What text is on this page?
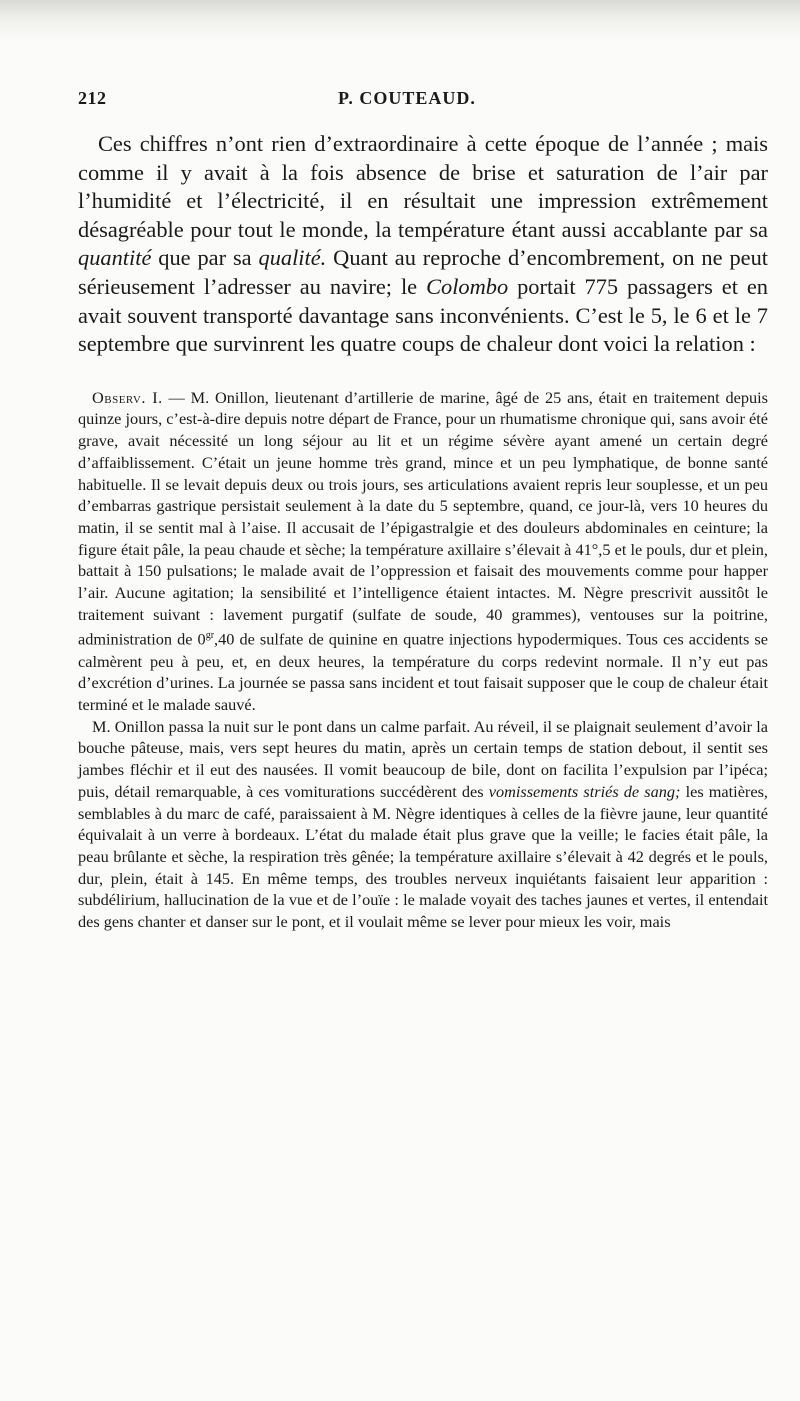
212	P. COUTEAUD.

Ces chiffres n’ont rien d’extraordinaire à cette époque de l’année ; mais comme il y avait à la fois absence de brise et saturation de l’air par l’humidité et l’électricité, il en résultait une impression extrêmement désagréable pour tout le monde, la température étant aussi accablante par sa quantité que par sa qualité. Quant au reproche d’encombrement, on ne peut sérieusement l’adresser au navire; le Colombo portait 775 passagers et en avait souvent transporté davantage sans inconvénients. C’est le 5, le 6 et le 7 septembre que survinrent les quatre coups de chaleur dont voici la relation :

Observ. I. — M. Onillon, lieutenant d’artillerie de marine, âgé de 25 ans, était en traitement depuis quinze jours, c’est-à-dire depuis notre départ de France, pour un rhumatisme chronique qui, sans avoir été grave, avait nécessité un long séjour au lit et un régime sévère ayant amené un certain degré d’affaiblissement. C’était un jeune homme très grand, mince et un peu lymphatique, de bonne santé habituelle. Il se levait depuis deux ou trois jours, ses articulations avaient repris leur souplesse, et un peu d’embarras gastrique persistait seulement à la date du 5 septembre, quand, ce jour-là, vers 10 heures du matin, il se sentit mal à l’aise. Il accusait de l’épigastralgie et des douleurs abdominales en ceinture; la figure était pâle, la peau chaude et sèche; la température axillaire s’élevait à 41°,5 et le pouls, dur et plein, battait à 150 pulsations; le malade avait de l’oppression et faisait des mouvements comme pour happer l’air. Aucune agitation; la sensibilité et l’intelligence étaient intactes. M. Nègre prescrivit aussitôt le traitement suivant : lavement purgatif (sulfate de soude, 40 grammes), ventouses sur la poitrine, administration de $0^{gr},40$ de sulfate de quinine en quatre injections hypodermiques. Tous ces accidents se calmèrent peu à peu, et, en deux heures, la température du corps redevint normale. Il n’y eut pas d’excrétion d’urines. La journée se passa sans incident et tout faisait supposer que le coup de chaleur était terminé et le malade sauvé.

M. Onillon passa la nuit sur le pont dans un calme parfait. Au réveil, il se plaignait seulement d’avoir la bouche pâteuse, mais, vers sept heures du matin, après un certain temps de station debout, il sentit ses jambes fléchir et il eut des nausées. Il vomit beaucoup de bile, dont on facilita l’expulsion par l’ipéca; puis, détail remarquable, à ces vomiturations succédèrent des vomissements striés de sang; les matières, semblables à du marc de café, paraissaient à M. Nègre identiques à celles de la fièvre jaune, leur quantité équivalait à un verre à bordeaux. L’état du malade était plus grave que la veille; le facies était pâle, la peau brûlante et sèche, la respiration très gênée; la température axillaire s’élevait à 42 degrés et le pouls, dur, plein, était à 145. En même temps, des troubles nerveux inquiétants faisaient leur apparition : subdélirium, hallucination de la vue et de l’ouïe : le malade voyait des taches jaunes et vertes, il entendait des gens chanter et danser sur le pont, et il voulait même se lever pour mieux les voir, mais
